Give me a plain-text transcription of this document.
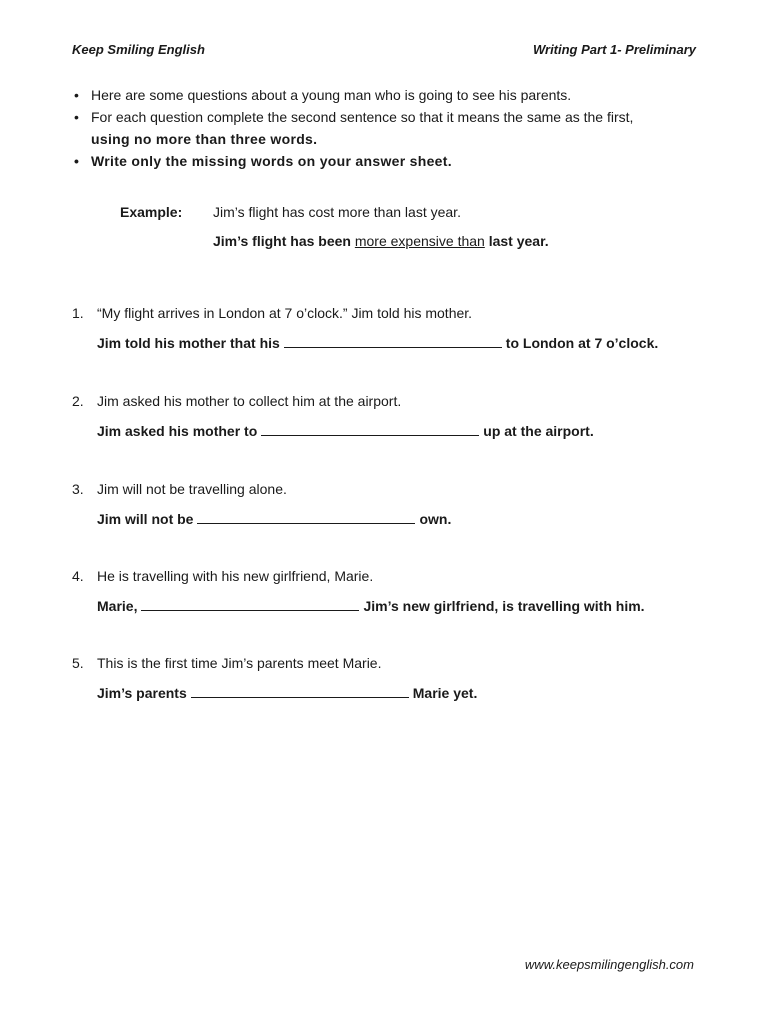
Keep Smiling English	Writing Part 1- Preliminary
• Here are some questions about a young man who is going to see his parents.
• For each question complete the second sentence so that it means the same as the first,
using no more than three words.
• Write only the missing words on your answer sheet.
Example:	Jim’s flight has cost more than last year.
Jim’s flight has been more expensive than last year.
1. “My flight arrives in London at 7 o’clock.” Jim told his mother.
Jim told his mother that his	to London at 7 o’clock.
2. Jim asked his mother to collect him at the airport.
Jim asked his mother to	up at the airport.
3. Jim will not be travelling alone.
Jim will not be	own.
4. He is travelling with his new girlfriend, Marie.
Marie,	Jim’s new girlfriend, is travelling with him.
5. This is the first time Jim’s parents meet Marie.
Jim’s parents	Marie yet.
www.keepsmilingenglish.com
